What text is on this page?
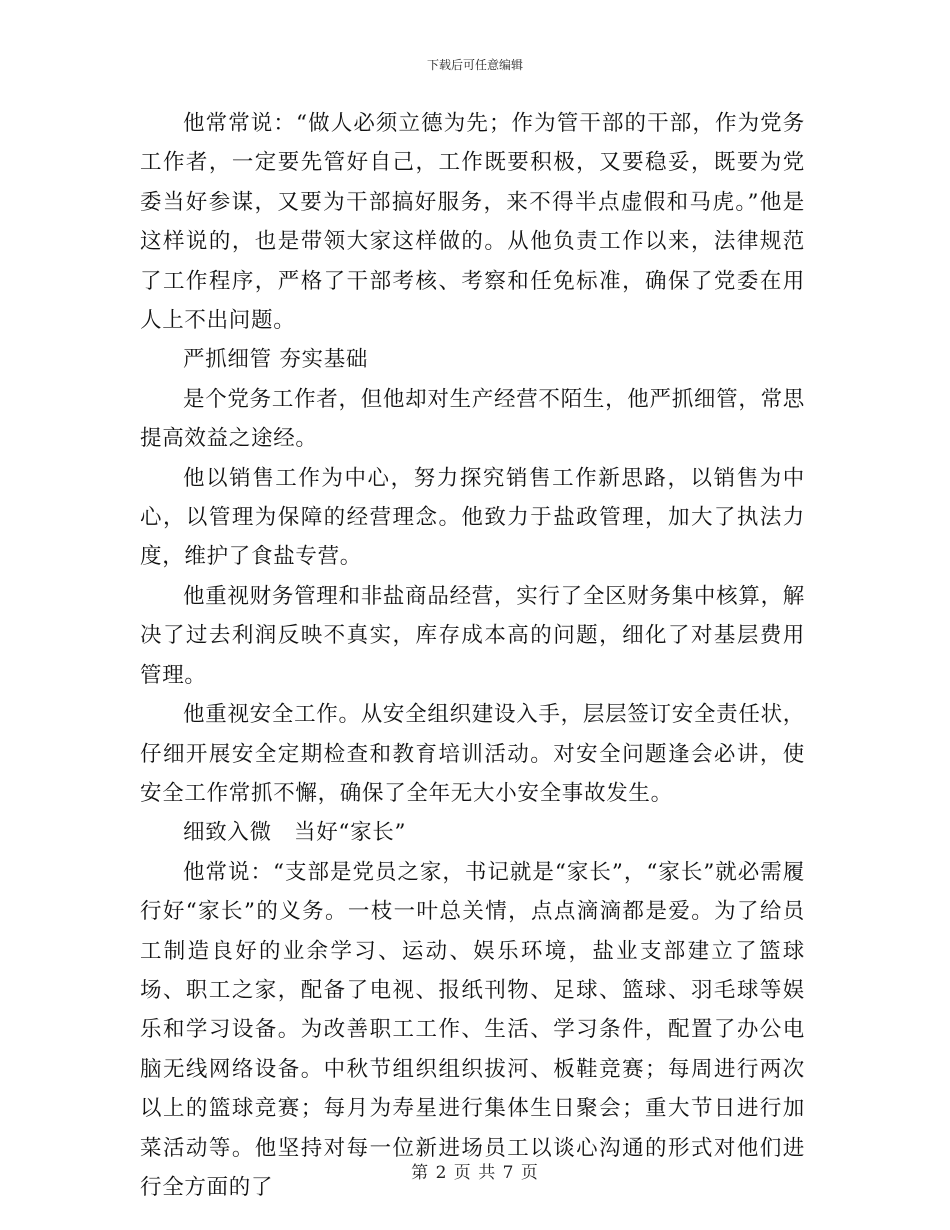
下载后可任意编辑

他常常说：“做人必须立德为先；作为管干部的干部，作为党务工作者，一定要先管好自己，工作既要积极，又要稳妥，既要为党委当好参谋，又要为干部搞好服务，来不得半点虚假和马虎。”他是这样说的，也是带领大家这样做的。从他负责工作以来，法律规范了工作程序，严格了干部考核、考察和任免标准，确保了党委在用人上不出问题。

严抓细管 夯实基础

是个党务工作者，但他却对生产经营不陌生，他严抓细管，常思提高效益之途经。

他以销售工作为中心，努力探究销售工作新思路，以销售为中心，以管理为保障的经营理念。他致力于盐政管理，加大了执法力度，维护了食盐专营。

他重视财务管理和非盐商品经营，实行了全区财务集中核算，解决了过去利润反映不真实，库存成本高的问题，细化了对基层费用管理。

他重视安全工作。从安全组织建设入手，层层签订安全责任状，仔细开展安全定期检查和教育培训活动。对安全问题逢会必讲，使安全工作常抓不懈，确保了全年无大小安全事故发生。

细致入微　当好“家长”

他常说：“支部是党员之家，书记就是“家长”，“家长”就必需履行好“家长”的义务。一枝一叶总关情，点点滴滴都是爱。为了给员工制造良好的业余学习、运动、娱乐环境，盐业支部建立了篮球场、职工之家，配备了电视、报纸刊物、足球、篮球、羽毛球等娱乐和学习设备。为改善职工工作、生活、学习条件，配置了办公电脑无线网络设备。中秋节组织组织拔河、板鞋竞赛；每周进行两次以上的篮球竞赛；每月为寿星进行集体生日聚会；重大节日进行加菜活动等。他坚持对每一位新进场员工以谈心沟通的形式对他们进行全方面的了

第 2 页 共 7 页
